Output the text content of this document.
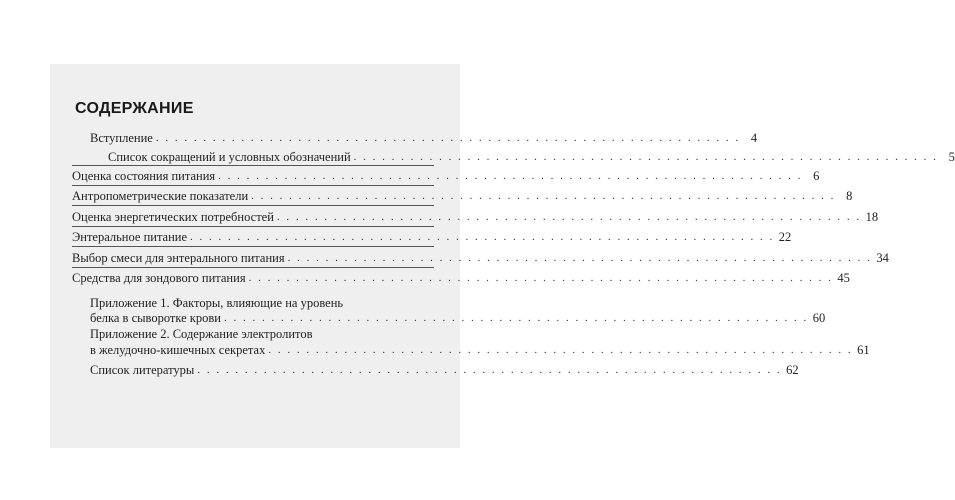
СОДЕРЖАНИЕ
Вступление . . . . . . . . . . . . . . . . . . . . . . . . . . . . . . . . . . . . . . . . . . . . . . . . . . . . . . . . . . . . . . 4
Список сокращений и условных обозначений . . . . . . . . . . . . . . . . . . . . . . . . . . . . . . . . . . . . . . . . . . . . . . . . . . . . . . . . . . . . . . 5
Оценка состояния питания . . . . . . . . . . . . . . . . . . . . . . . . . . . . . . . . . . . . . . . . . . . . . . . . . . . . . . . . . . . . . . 6
Антропометрические показатели . . . . . . . . . . . . . . . . . . . . . . . . . . . . . . . . . . . . . . . . . . . . . . . . . . . . . . . . . . . . . . 8
Оценка энергетических потребностей . . . . . . . . . . . . . . . . . . . . . . . . . . . . . . . . . . . . . . . . . . . . . . . . . . . . . . . . . . . . . . 18
Энтеральное питание . . . . . . . . . . . . . . . . . . . . . . . . . . . . . . . . . . . . . . . . . . . . . . . . . . . . . . . . . . . . . . 22
Выбор смеси для энтерального питания . . . . . . . . . . . . . . . . . . . . . . . . . . . . . . . . . . . . . . . . . . . . . . . . . . . . . . . . . . . . . . 34
Средства для зондового питания . . . . . . . . . . . . . . . . . . . . . . . . . . . . . . . . . . . . . . . . . . . . . . . . . . . . . . . . . . . . . . 45
Приложение 1. Факторы, влияющие на уровень
белка в сыворотке крови . . . . . . . . . . . . . . . . . . . . . . . . . . . . . . . . . . . . . . . . . . . . . . . . . . . . . . . . . . . . . . 60
Приложение 2. Содержание электролитов
в желудочно-кишечных секретах . . . . . . . . . . . . . . . . . . . . . . . . . . . . . . . . . . . . . . . . . . . . . . . . . . . . . . . . . . . . . . 61
Список литературы . . . . . . . . . . . . . . . . . . . . . . . . . . . . . . . . . . . . . . . . . . . . . . . . . . . . . . . . . . . . . . 62
